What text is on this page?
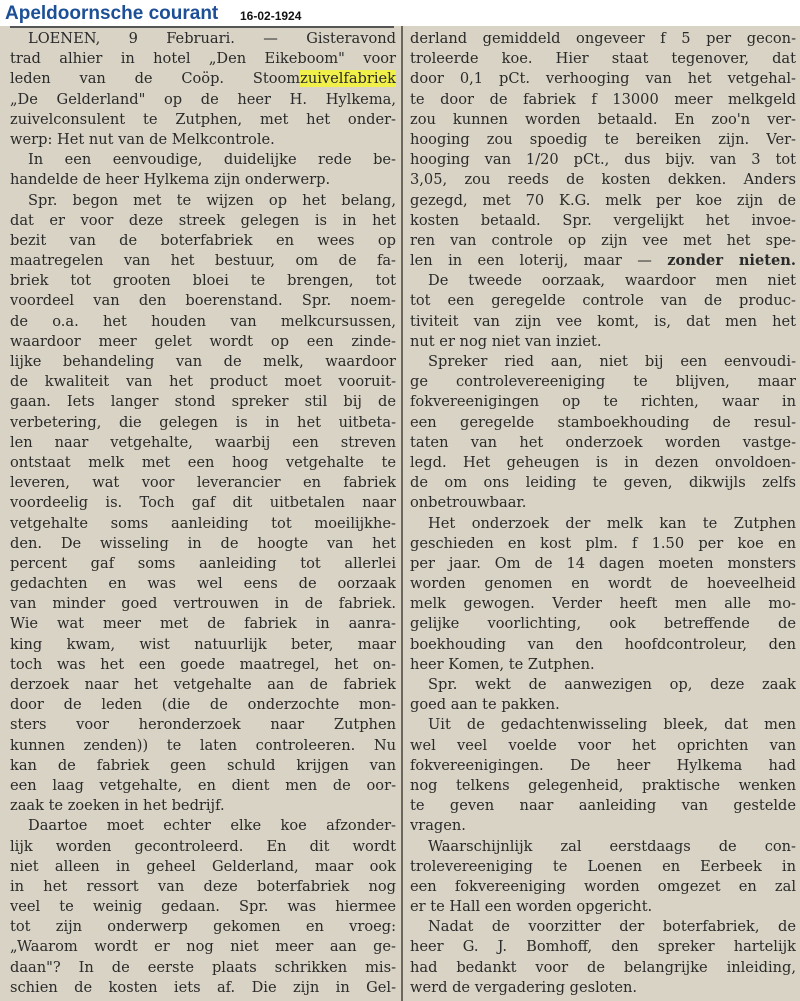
Apeldoornsche courant 16-02-1924
LOENEN, 9 Februari. — Gisteravond
trad alhier in hotel „Den Eikeboom" voor
leden van de Coöp. Stoomzuivelfabriek
„De Gelderland" op de heer H. Hylkema,
zuivelconsulent te Zutphen, met het onder-
werp: Het nut van de Melkcontrole.
In een eenvoudige, duidelijke rede be-
handelde de heer Hylkema zijn onderwerp.
Spr. begon met te wijzen op het belang,
dat er voor deze streek gelegen is in het
bezit van de boterfabriek en wees op
maatregelen van het bestuur, om de fa-
briek tot grooten bloei te brengen, tot
voordeel van den boerenstand. Spr. noem-
de o.a. het houden van melkcursussen,
waardoor meer gelet wordt op een zinde-
lijke behandeling van de melk, waardoor
de kwaliteit van het product moet vooruit-
gaan. Iets langer stond spreker stil bij de
verbetering, die gelegen is in het uitbeta-
len naar vetgehalte, waarbij een streven
ontstaat melk met een hoog vetgehalte te
leveren, wat voor leverancier en fabriek
voordeelig is. Toch gaf dit uitbetalen naar
vetgehalte soms aanleiding tot moeilijkhe-
den. De wisseling in de hoogte van het
percent gaf soms aanleiding tot allerlei
gedachten en was wel eens de oorzaak
van minder goed vertrouwen in de fabriek.
Wie wat meer met de fabriek in aanra-
king kwam, wist natuurlijk beter, maar
toch was het een goede maatregel, het on-
derzoek naar het vetgehalte aan de fabriek
door de leden (die de onderzochte mon-
sters voor heronderzoek naar Zutphen
kunnen zenden)) te laten controleeren. Nu
kan de fabriek geen schuld krijgen van
een laag vetgehalte, en dient men de oor-
zaak te zoeken in het bedrijf.
Daartoe moet echter elke koe afzonder-
lijk worden gecontroleerd. En dit wordt
niet alleen in geheel Gelderland, maar ook
in het ressort van deze boterfabriek nog
veel te weinig gedaan. Spr. was hiermee
tot zijn onderwerp gekomen en vroeg:
„Waarom wordt er nog niet meer aan ge-
daan"? In de eerste plaats schrikken mis-
schien de kosten iets af. Die zijn in Gel-
derland gemiddeld ongeveer f 5 per gecon-
troleerde koe. Hier staat tegenover, dat
door 0,1 pCt. verhooging van het vetgehal-
te door de fabriek f 13000 meer melkgeld
zou kunnen worden betaald. En zoo'n ver-
hooging zou spoedig te bereiken zijn. Ver-
hooging van 1/20 pCt., dus bijv. van 3 tot
3,05, zou reeds de kosten dekken. Anders
gezegd, met 70 K.G. melk per koe zijn de
kosten betaald. Spr. vergelijkt het invoe-
ren van controle op zijn vee met het spe-
len in een loterij, maar — zonder nieten.
De tweede oorzaak, waardoor men niet
tot een geregelde controle van de produc-
tiviteit van zijn vee komt, is, dat men het
nut er nog niet van inziet.
Spreker ried aan, niet bij een eenvoudi-
ge controlevereeniging te blijven, maar
fokvereenigingen op te richten, waar in
een geregelde stamboekhouding de resul-
taten van het onderzoek worden vastge-
legd. Het geheugen is in dezen onvoldoen-
de om ons leiding te geven, dikwijls zelfs
onbetrouwbaar.
Het onderzoek der melk kan te Zutphen
geschieden en kost plm. f 1.50 per koe en
per jaar. Om de 14 dagen moeten monsters
worden genomen en wordt de hoeveelheid
melk gewogen. Verder heeft men alle mo-
gelijke voorlichting, ook betreffende de
boekhouding van den hoofdcontroleur, den
heer Komen, te Zutphen.
Spr. wekt de aanwezigen op, deze zaak
goed aan te pakken.
Uit de gedachtenwisseling bleek, dat men
wel veel voelde voor het oprichten van
fokvereenigingen. De heer Hylkema had
nog telkens gelegenheid, praktische wenken
te geven naar aanleiding van gestelde
vragen.
Waarschijnlijk zal eerstdaags de con-
trolevereeniging te Loenen en Eerbeek in
een fokvereeniging worden omgezet en zal
er te Hall een worden opgericht.
Nadat de voorzitter der boterfabriek, de
heer G. J. Bomhoff, den spreker hartelijk
had bedankt voor de belangrijke inleiding,
werd de vergadering gesloten.
